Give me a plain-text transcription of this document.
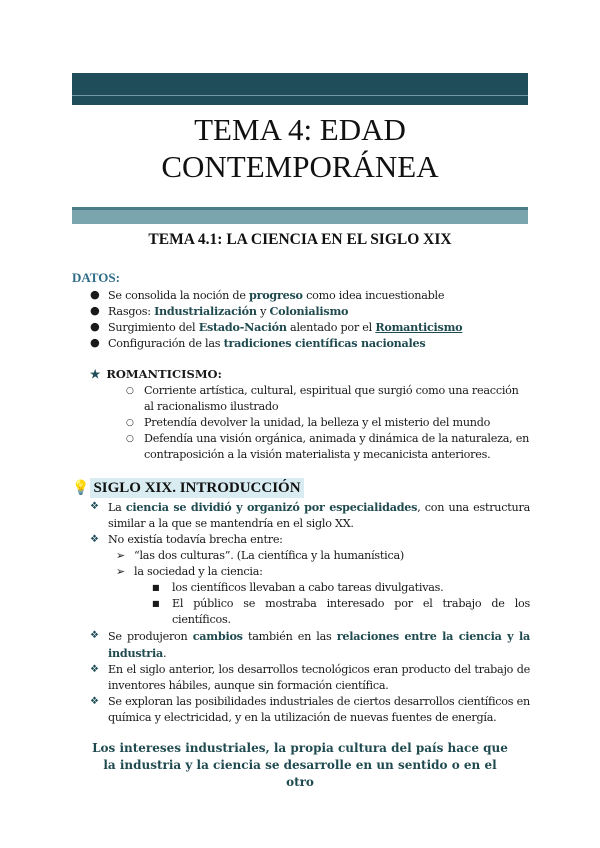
TEMA 4: EDAD CONTEMPORÁNEA
TEMA 4.1: LA CIENCIA EN EL SIGLO XIX
DATOS:
● Se consolida la noción de progreso como idea incuestionable
● Rasgos: Industrialización y Colonialismo
● Surgimiento del Estado-Nación alentado por el Romanticismo
● Configuración de las tradiciones científicas nacionales
★ ROMANTICISMO:
○ Corriente artística, cultural, espiritual que surgió como una reacción al racionalismo ilustrado
○ Pretendía devolver la unidad, la belleza y el misterio del mundo
○ Defendía una visión orgánica, animada y dinámica de la naturaleza, en contraposición a la visión materialista y mecanicista anteriores.
💡 SIGLO XIX. INTRODUCCIÓN
❖ La ciencia se dividió y organizó por especialidades, con una estructura similar a la que se mantendría en el siglo XX.
❖ No existía todavía brecha entre:
➢ “las dos culturas”. (La científica y la humanística)
➢ la sociedad y la ciencia:
■ los científicos llevaban a cabo tareas divulgativas.
■ El público se mostraba interesado por el trabajo de los científicos.
❖ Se produjeron cambios también en las relaciones entre la ciencia y la industria.
❖ En el siglo anterior, los desarrollos tecnológicos eran producto del trabajo de inventores hábiles, aunque sin formación científica.
❖ Se exploran las posibilidades industriales de ciertos desarrollos científicos en química y electricidad, y en la utilización de nuevas fuentes de energía.
Los intereses industriales, la propia cultura del país hace que la industria y la ciencia se desarrolle en un sentido o en el otro
